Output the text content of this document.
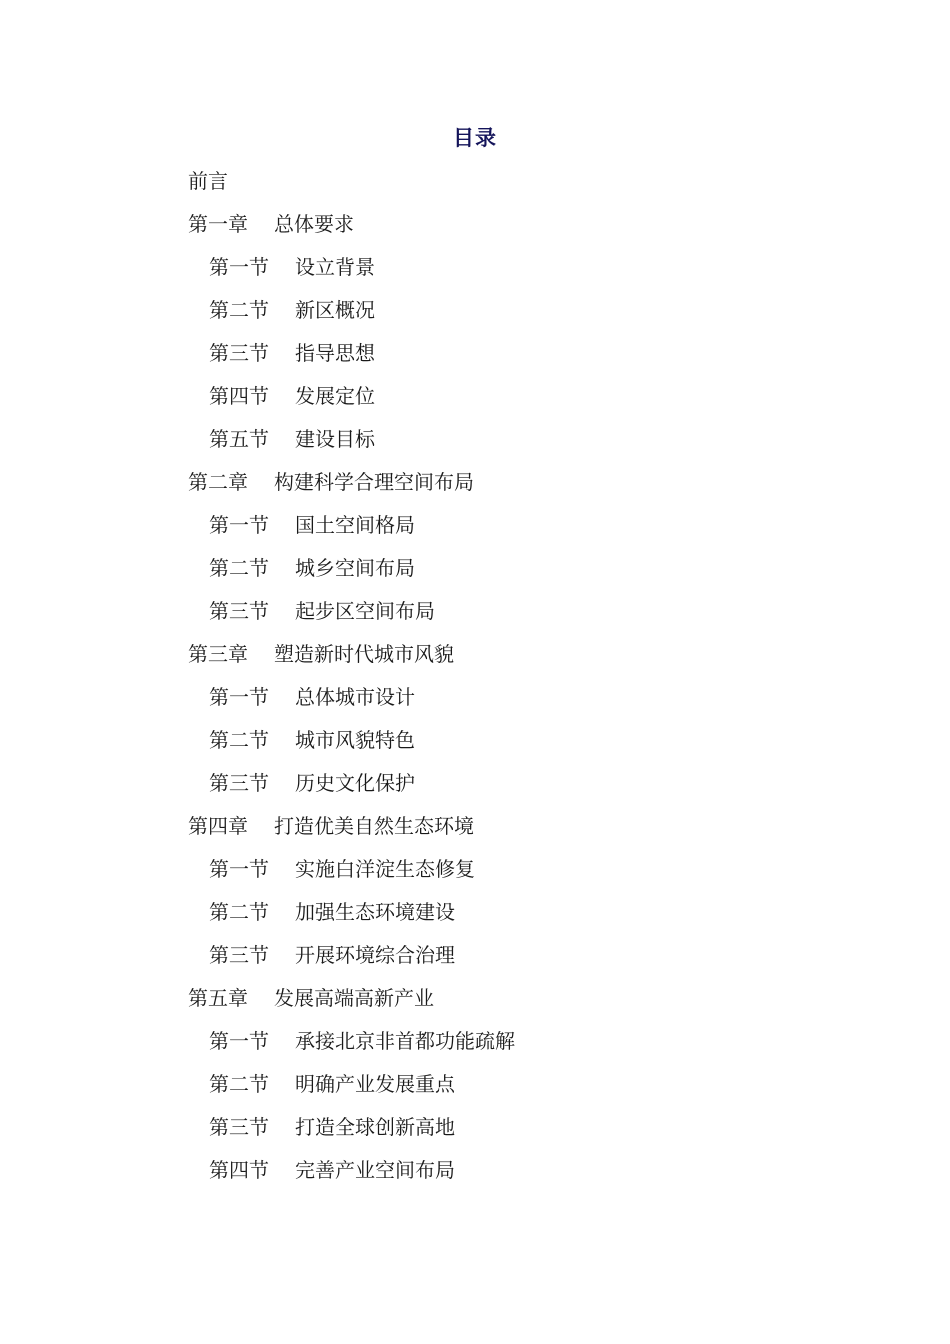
目录
前言
第一章 总体要求
第一节 设立背景
第二节 新区概况
第三节 指导思想
第四节 发展定位
第五节 建设目标
第二章 构建科学合理空间布局
第一节 国土空间格局
第二节 城乡空间布局
第三节 起步区空间布局
第三章 塑造新时代城市风貌
第一节 总体城市设计
第二节 城市风貌特色
第三节 历史文化保护
第四章 打造优美自然生态环境
第一节 实施白洋淀生态修复
第二节 加强生态环境建设
第三节 开展环境综合治理
第五章 发展高端高新产业
第一节 承接北京非首都功能疏解
第二节 明确产业发展重点
第三节 打造全球创新高地
第四节 完善产业空间布局
